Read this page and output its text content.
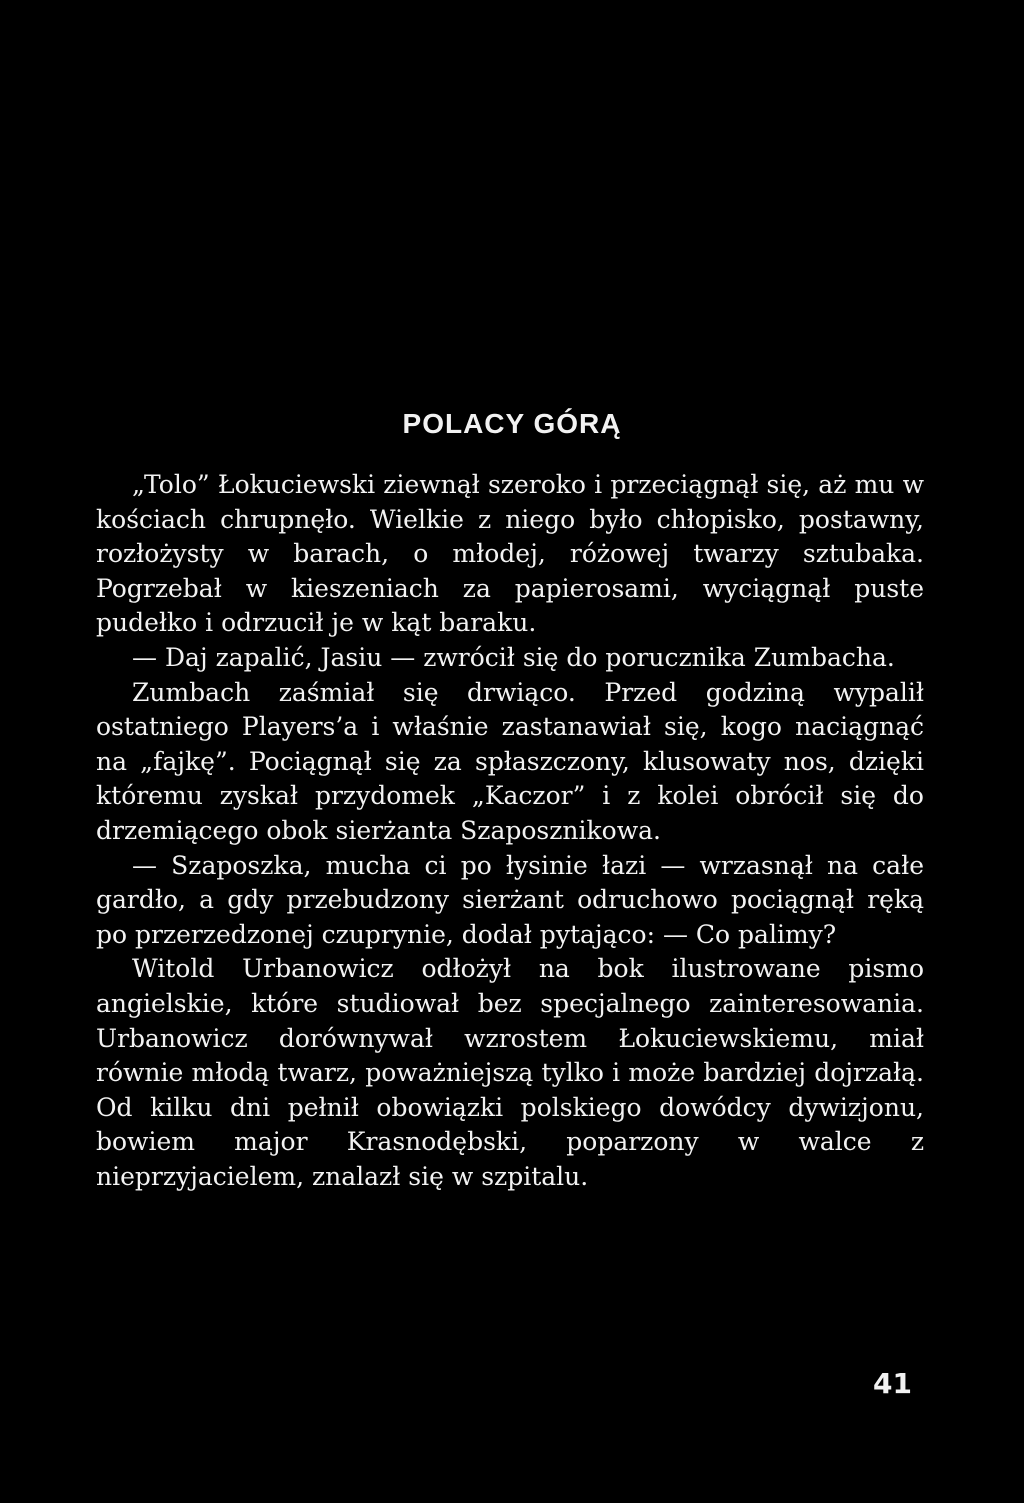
POLACY GÓRĄ

„Tolo” Łokuciewski ziewnął szeroko i przeciągnął się, aż mu w kościach chrupnęło. Wielkie z niego było chłopisko, postawny, rozłożysty w barach, o młodej, różowej twarzy sztubaka. Pogrzebał w kieszeniach za papierosami, wyciągnął puste pudełko i odrzucił je w kąt baraku.

— Daj zapalić, Jasiu — zwrócił się do porucznika Zumbacha.

Zumbach zaśmiał się drwiąco. Przed godziną wypalił ostatniego Players’a i właśnie zastanawiał się, kogo naciągnąć na „fajkę”. Pociągnął się za spłaszczony, klusowaty nos, dzięki któremu zyskał przydomek „Kaczor” i z kolei obrócił się do drzemiącego obok sierżanta Szaposznikowa.

— Szaposzka, mucha ci po łysinie łazi — wrzasnął na całe gardło, a gdy przebudzony sierżant odruchowo pociągnął ręką po przerzedzonej czuprynie, dodał pytająco: — Co palimy?

Witold Urbanowicz odłożył na bok ilustrowane pismo angielskie, które studiował bez specjalnego zainteresowania. Urbanowicz dorównywał wzrostem Łokuciewskiemu, miał równie młodą twarz, poważniejszą tylko i może bardziej dojrzałą. Od kilku dni pełnił obowiązki polskiego dowódcy dywizjonu, bowiem major Krasnodębski, poparzony w walce z nieprzyjacielem, znalazł się w szpitalu.

41
